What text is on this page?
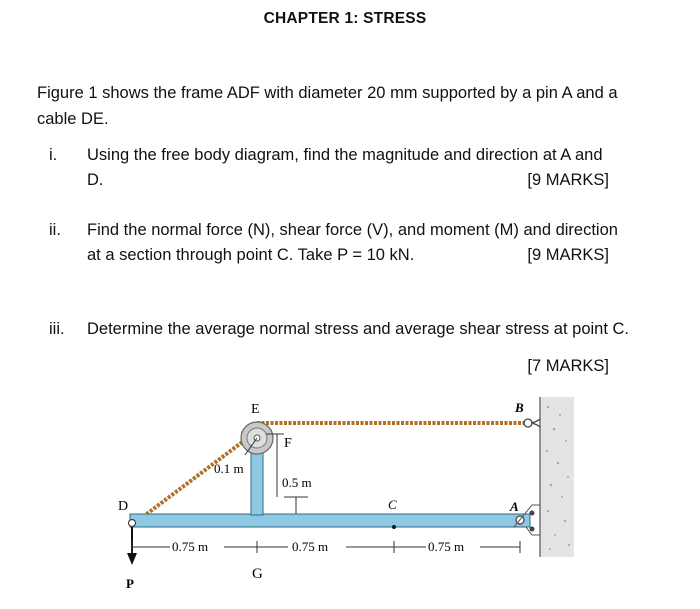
CHAPTER 1: STRESS
Figure 1 shows the frame ADF with diameter 20 mm supported by a pin A and a
cable DE.
i. Using the free body diagram, find the magnitude and direction at A and
D.	[9 MARKS]
ii. Find the normal force (N), shear force (V), and moment (M) and direction
at a section through point C. Take P = 10 kN.	[9 MARKS]
iii. Determine the average normal stress and average shear stress at point C.
[7 MARKS]
E	B
F
D	C	A
G
P
0.1 m
0.5 m
0.75 m	0.75 m	0.75 m
